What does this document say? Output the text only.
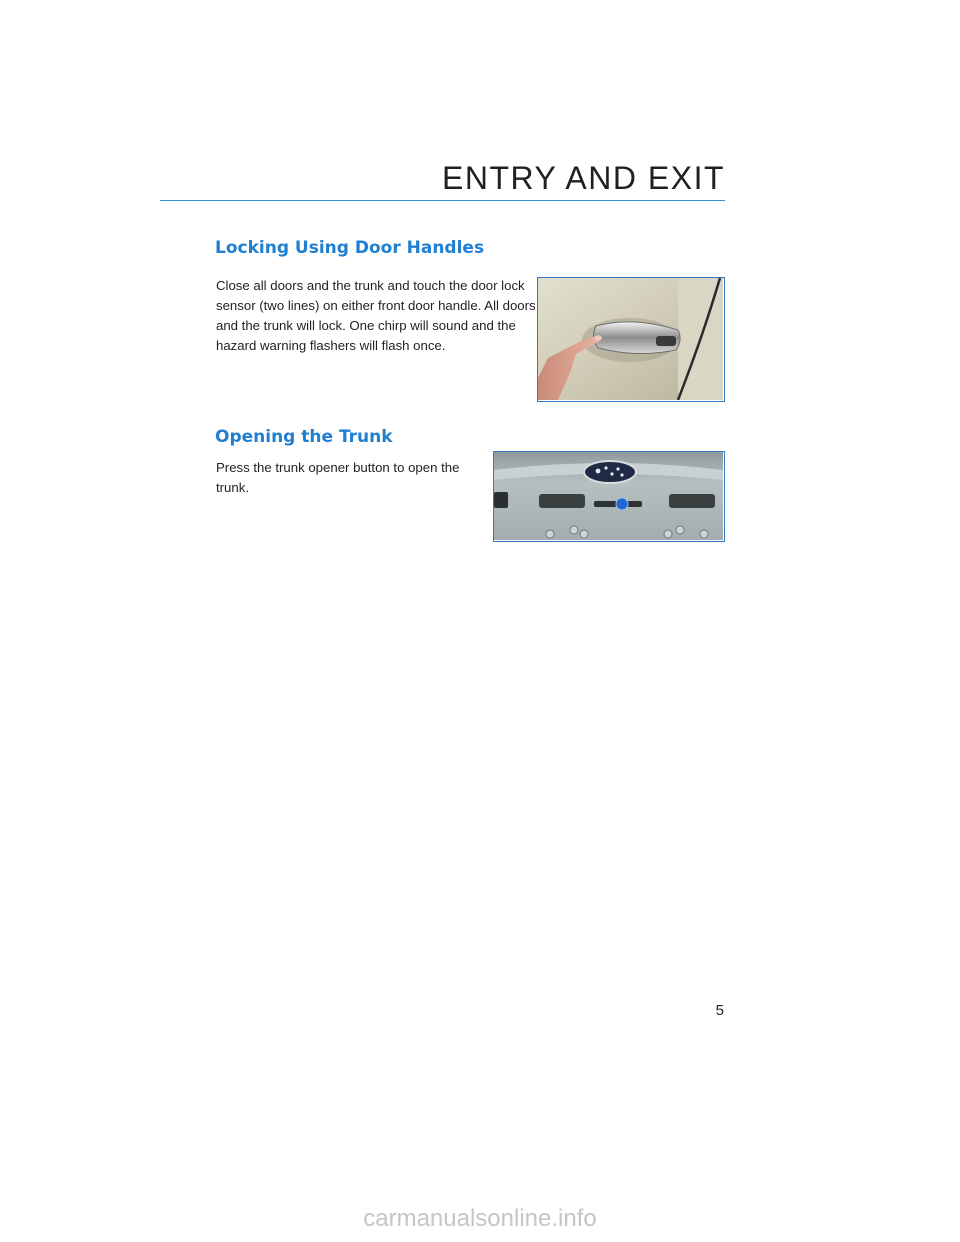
ENTRY AND EXIT
Locking Using Door Handles
Close all doors and the trunk and touch the door lock
sensor (two lines) on either front door handle. All doors
and the trunk will lock. One chirp will sound and the
hazard warning flashers will flash once.
Opening the Trunk
Press the trunk opener button to open the
trunk.
5
carmanualsonline.info
